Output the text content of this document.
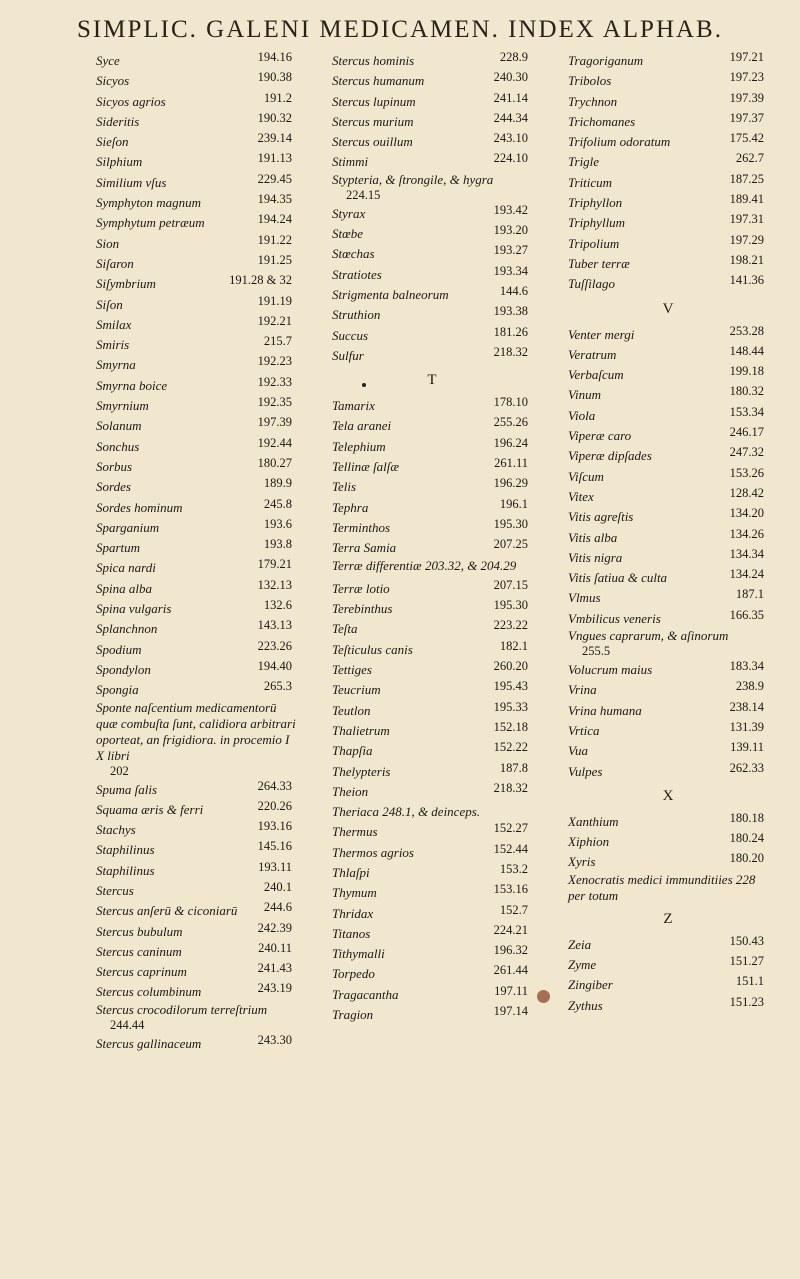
SIMPLIC. GALENI MEDICAMEN. INDEX ALPHAB.
Syce	194.16
Sicyos	190.38
Sicyos agrios	191.2
Sideritis	190.32
Sieſon	239.14
Silphium	191.13
Similium vſus	229.45
Symphyton magnum	194.35
Symphytum petræum	194.24
Sion	191.22
Siſaron	191.25
Siſymbrium	191.28 & 32
Siſon	191.19
Smilax	192.21
Smiris	215.7
Smyrna	192.23
Smyrna boice	192.33
Smyrnium	192.35
Solanum	197.39
Sonchus	192.44
Sorbus	180.27
Sordes	189.9
Sordes hominum	245.8
Sparganium	193.6
Spartum	193.8
Spica nardi	179.21
Spina alba	132.13
Spina vulgaris	132.6
Splanchnon	143.13
Spodium	223.26
Spondylon	194.40
Spongia	265.3
Sponte naſcentium medicamentorū quæ combuſta ſunt, calidiora arbitrari oporteat, an frigidiora. in procemio I X libri
202
Spuma ſalis	264.33
Squama æris & ferri	220.26
Stachys	193.16
Staphilinus	145.16
Staphilinus	193.11
Stercus	240.1
Stercus anſerū & ciconiarū 244.6
Stercus bubulum	242.39
Stercus caninum	240.11
Stercus caprinum	241.43
Stercus columbinum	243.19
Stercus crocodilorum terreſtrium
244.44
Stercus gallinaceum	243.30
Stercus hominis	228.9
Stercus humanum	240.30
Stercus lupinum	241.14
Stercus murium	244.34
Stercus ouillum	243.10
Stimmi	224.10
Stypteria, & ſtrongile, & hygra
224.15
Styrax	193.42
Stœbe	193.20
Stœchas	193.27
Stratiotes	193.34
Strigmenta balneorum	144.6
Struthion	193.38
Succus	181.26
Sulfur	218.32
T
Tamarix	178.10
Tela aranei	255.26
Telephium	196.24
Tellinæ ſalſæ	261.11
Telis	196.29
Tephra	196.1
Terminthos	195.30
Terra Samia	207.25
Terræ differentiæ 203.32, & 204.29
Terræ lotio	207.15
Terebinthus	195.30
Teſta	223.22
Teſticulus canis	182.1
Tettiges	260.20
Teucrium	195.43
Teutlon	195.33
Thalietrum	152.18
Thapſia	152.22
Thelypteris	187.8
Theion	218.32
Theriaca 248.1, & deinceps.
Thermus	152.27
Thermos agrios	152.44
Thlaſpi	153.2
Thymum	153.16
Thridax	152.7
Titanos	224.21
Tithymalli	196.32
Torpedo	261.44
Tragacantha	197.11
Tragion	197.14
Tragoriganum	197.21
Tribolos	197.23
Trychnon	197.39
Trichomanes	197.37
Trifolium odoratum	175.42
Trigle	262.7
Triticum	187.25
Triphyllon	189.41
Triphyllum	197.31
Tripolium	197.29
Tuber terræ	198.21
Tuſſilago	141.36
V
Venter mergi	253.28
Veratrum	148.44
Verbaſcum	199.18
Vinum	180.32
Viola	153.34
Viperæ caro	246.17
Viperæ dipſades	247.32
Viſcum	153.26
Vitex	128.42
Vitis agreſtis	134.20
Vitis alba	134.26
Vitis nigra	134.34
Vitis ſatiua & culta	134.24
Vlmus	187.1
Vmbilicus veneris	166.35
Vngues caprarum, & aſinorum
255.5
Volucrum maius	183.34
Vrina	238.9
Vrina humana	238.14
Vrtica	131.39
Vua	139.11
Vulpes	262.33
X
Xanthium	180.18
Xiphion	180.24
Xyris	180.20
Xenocratis medici immunditiies 228 per totum
Z
Zeia	150.43
Zyme	151.27
Zingiber	151.1
Zythus	151.23
